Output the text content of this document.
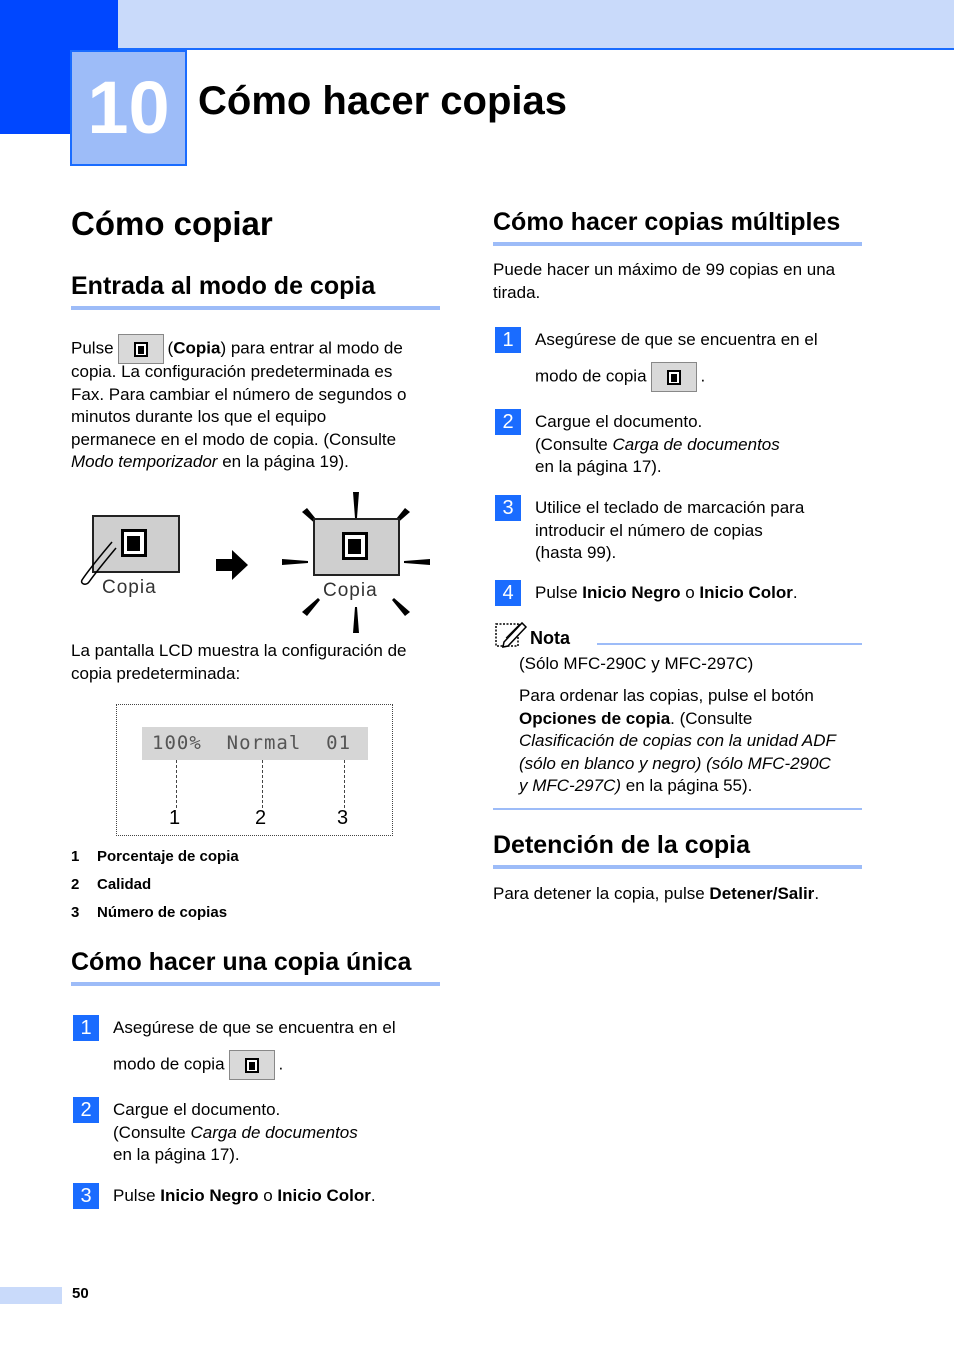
10 Cómo hacer copias
Cómo copiar
Entrada al modo de copia
Pulse	(Copia) para entrar al modo de
copia. La configuración predeterminada es
Fax. Para cambiar el número de segundos o
minutos durante los que el equipo
permanece en el modo de copia. (Consulte
Modo temporizador en la página 19).
Copia	Copia
La pantalla LCD muestra la configuración de
copia predeterminada:
100%  Normal  01
1	2	3
1 Porcentaje de copia
2 Calidad
3 Número de copias
Cómo hacer una copia única
1	Asegúrese de que se encuentra en el
modo de copia	.
2	Cargue el documento.
(Consulte Carga de documentos
en la página 17).
3	Pulse Inicio Negro o Inicio Color.
Cómo hacer copias múltiples
Puede hacer un máximo de 99 copias en una
tirada.
1	Asegúrese de que se encuentra en el
modo de copia	.
2	Cargue el documento.
(Consulte Carga de documentos
en la página 17).
3	Utilice el teclado de marcación para
introducir el número de copias
(hasta 99).
4	Pulse Inicio Negro o Inicio Color.
Nota
(Sólo MFC-290C y MFC-297C)
Para ordenar las copias, pulse el botón
Opciones de copia. (Consulte
Clasificación de copias con la unidad ADF
(sólo en blanco y negro) (sólo MFC-290C
y MFC-297C) en la página 55).
Detención de la copia
Para detener la copia, pulse Detener/Salir.
50
